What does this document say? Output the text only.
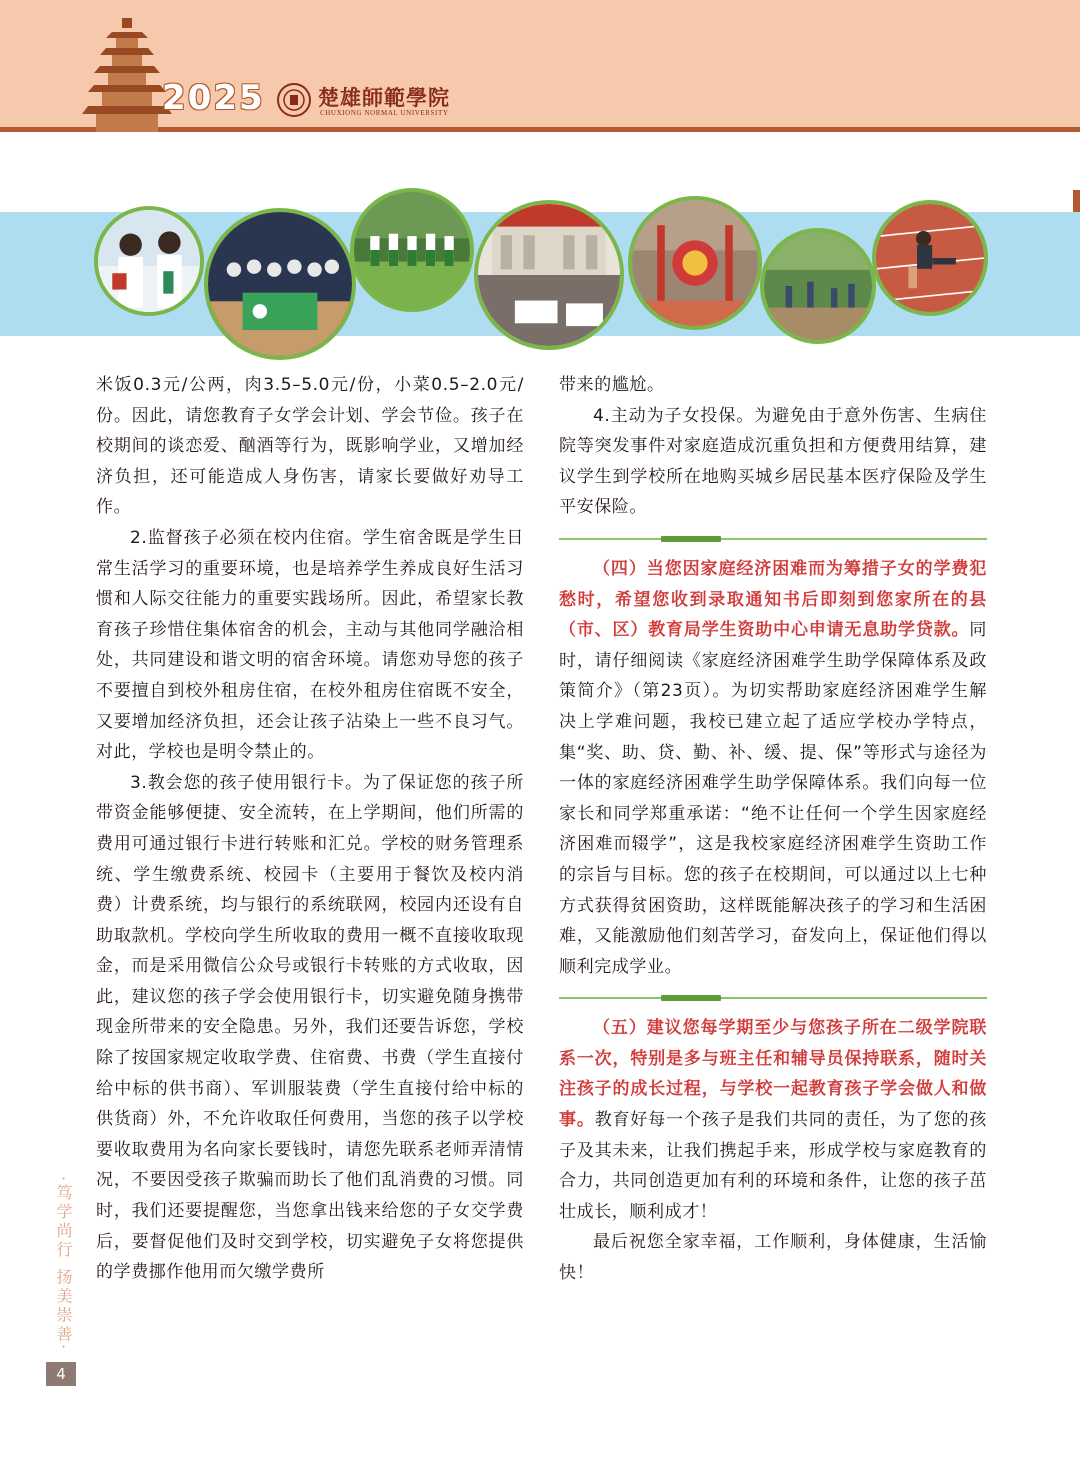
2025	楚雄師範學院
CHUXIONG NORMAL UNIVERSITY

米饭0.3元/公两，肉3.5–5.0元/份，小菜0.5–2.0元/份。因此，请您教育子女学会计划、学会节俭。孩子在校期间的谈恋爱、酗酒等行为，既影响学业，又增加经济负担，还可能造成人身伤害，请家长要做好劝导工作。

2.监督孩子必须在校内住宿。学生宿舍既是学生日常生活学习的重要环境，也是培养学生养成良好生活习惯和人际交往能力的重要实践场所。因此，希望家长教育孩子珍惜住集体宿舍的机会，主动与其他同学融洽相处，共同建设和谐文明的宿舍环境。请您劝导您的孩子不要擅自到校外租房住宿，在校外租房住宿既不安全，又要增加经济负担，还会让孩子沾染上一些不良习气。对此，学校也是明令禁止的。

3.教会您的孩子使用银行卡。为了保证您的孩子所带资金能够便捷、安全流转，在上学期间，他们所需的费用可通过银行卡进行转账和汇兑。学校的财务管理系统、学生缴费系统、校园卡（主要用于餐饮及校内消费）计费系统，均与银行的系统联网，校园内还设有自助取款机。学校向学生所收取的费用一概不直接收取现金，而是采用微信公众号或银行卡转账的方式收取，因此，建议您的孩子学会使用银行卡，切实避免随身携带现金所带来的安全隐患。另外，我们还要告诉您，学校除了按国家规定收取学费、住宿费、书费（学生直接付给中标的供书商）、军训服装费（学生直接付给中标的供货商）外，不允许收取任何费用，当您的孩子以学校要收取费用为名向家长要钱时，请您先联系老师弄清情况，不要因受孩子欺骗而助长了他们乱消费的习惯。同时，我们还要提醒您，当您拿出钱来给您的子女交学费后，要督促他们及时交到学校，切实避免子女将您提供的学费挪作他用而欠缴学费所

带来的尴尬。

4.主动为子女投保。为避免由于意外伤害、生病住院等突发事件对家庭造成沉重负担和方便费用结算，建议学生到学校所在地购买城乡居民基本医疗保险及学生平安保险。

（四）当您因家庭经济困难而为筹措子女的学费犯愁时，希望您收到录取通知书后即刻到您家所在的县（市、区）教育局学生资助中心申请无息助学贷款。同时，请仔细阅读《家庭经济困难学生助学保障体系及政策简介》（第23页）。为切实帮助家庭经济困难学生解决上学难问题，我校已建立起了适应学校办学特点，集“奖、助、贷、勤、补、缓、提、保”等形式与途径为一体的家庭经济困难学生助学保障体系。我们向每一位家长和同学郑重承诺：“绝不让任何一个学生因家庭经济困难而辍学”，这是我校家庭经济困难学生资助工作的宗旨与目标。您的孩子在校期间，可以通过以上七种方式获得贫困资助，这样既能解决孩子的学习和生活困难，又能激励他们刻苦学习，奋发向上，保证他们得以顺利完成学业。

（五）建议您每学期至少与您孩子所在二级学院联系一次，特别是多与班主任和辅导员保持联系，随时关注孩子的成长过程，与学校一起教育孩子学会做人和做事。教育好每一个孩子是我们共同的责任，为了您的孩子及其未来，让我们携起手来，形成学校与家庭教育的合力，共同创造更加有利的环境和条件，让您的孩子茁壮成长，顺利成才！

最后祝您全家幸福，工作顺利，身体健康，生活愉快！

·笃学尚行 扬美崇善·
4
